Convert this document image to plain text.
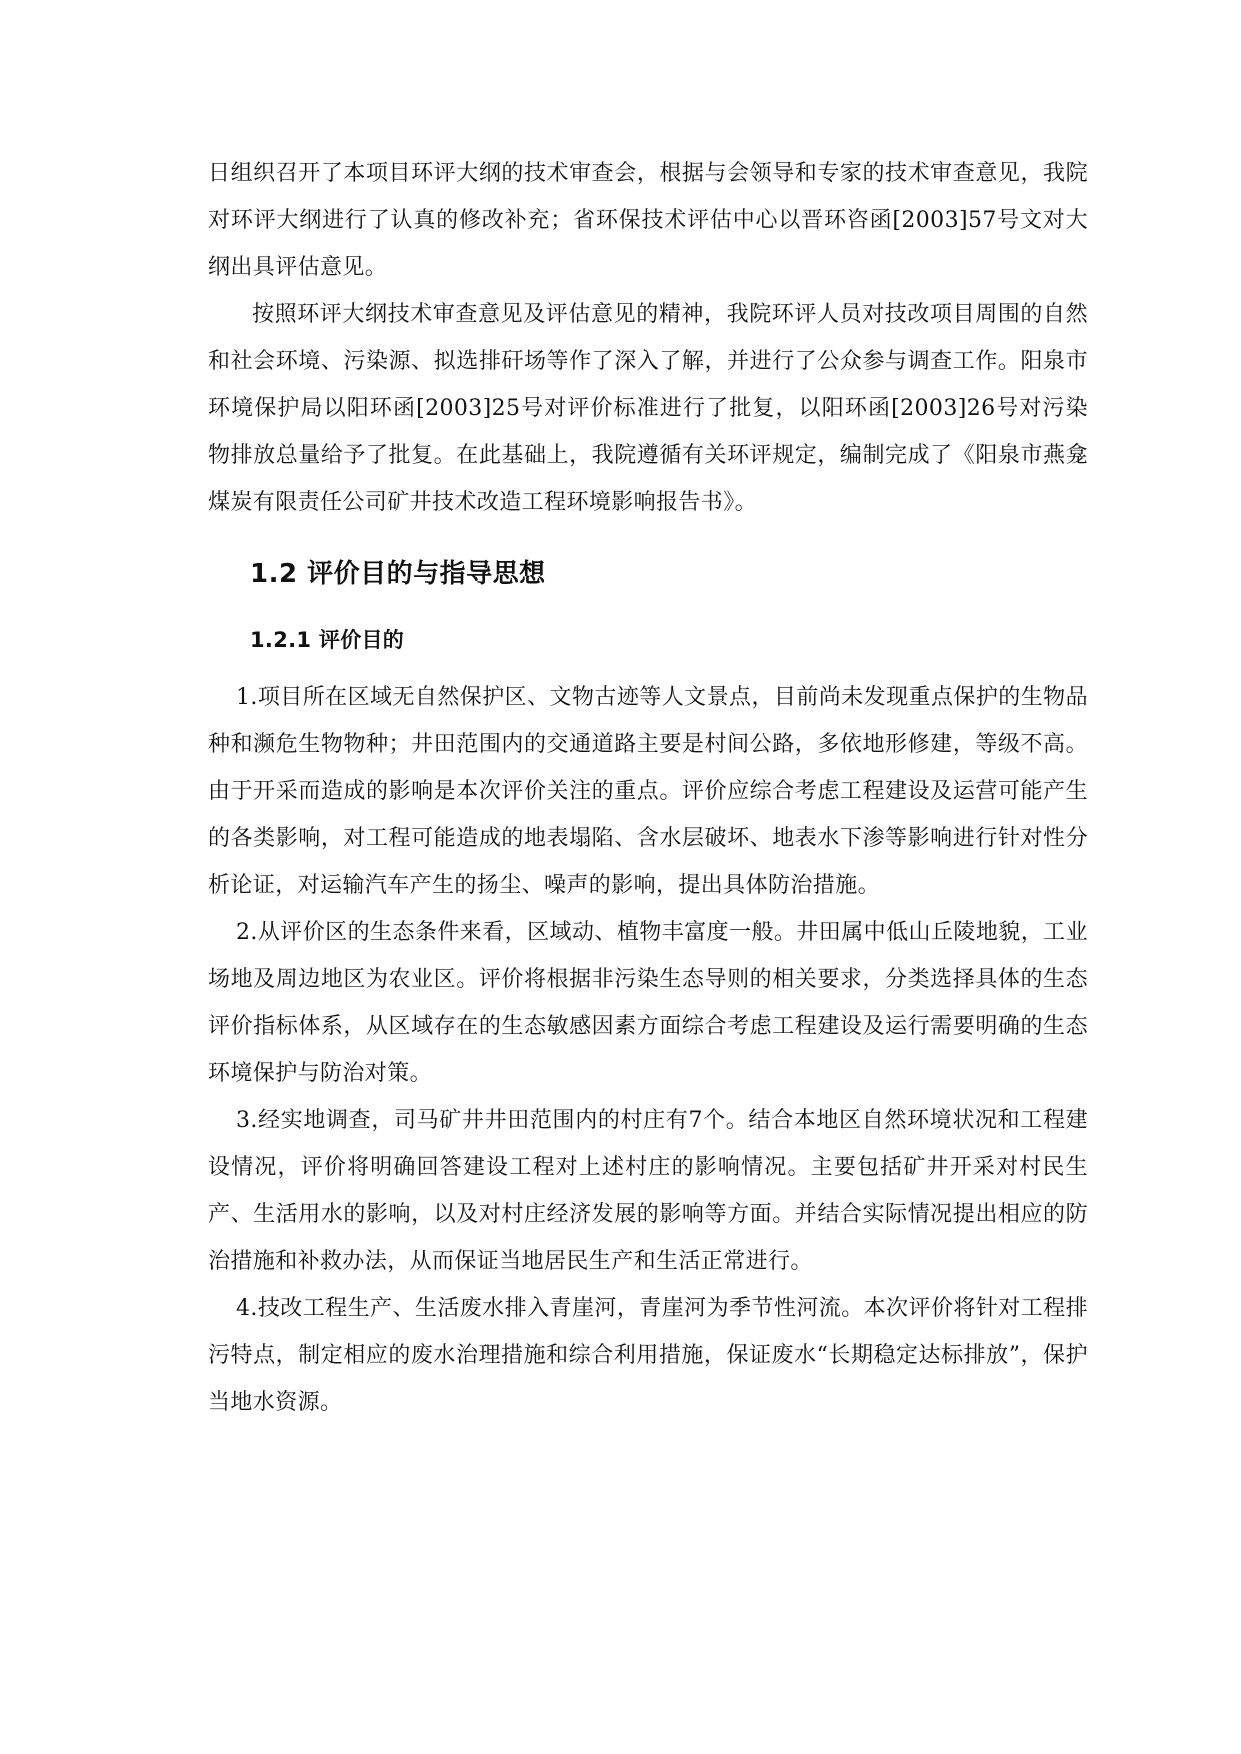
日组织召开了本项目环评大纲的技术审查会，根据与会领导和专家的技术审查意见，我院对环评大纲进行了认真的修改补充；省环保技术评估中心以晋环咨函[2003]57号文对大纲出具评估意见。

按照环评大纲技术审查意见及评估意见的精神，我院环评人员对技改项目周围的自然和社会环境、污染源、拟选排矸场等作了深入了解，并进行了公众参与调查工作。阳泉市环境保护局以阳环函[2003]25号对评价标准进行了批复，以阳环函[2003]26号对污染物排放总量给予了批复。在此基础上，我院遵循有关环评规定，编制完成了《阳泉市燕龛煤炭有限责任公司矿井技术改造工程环境影响报告书》。

1.2 评价目的与指导思想
1.2.1 评价目的

1.项目所在区域无自然保护区、文物古迹等人文景点，目前尚未发现重点保护的生物品种和濒危生物物种；井田范围内的交通道路主要是村间公路，多依地形修建，等级不高。由于开采而造成的影响是本次评价关注的重点。评价应综合考虑工程建设及运营可能产生的各类影响，对工程可能造成的地表塌陷、含水层破坏、地表水下渗等影响进行针对性分析论证，对运输汽车产生的扬尘、噪声的影响，提出具体防治措施。

2.从评价区的生态条件来看，区域动、植物丰富度一般。井田属中低山丘陵地貌，工业场地及周边地区为农业区。评价将根据非污染生态导则的相关要求，分类选择具体的生态评价指标体系，从区域存在的生态敏感因素方面综合考虑工程建设及运行需要明确的生态环境保护与防治对策。

3.经实地调查，司马矿井井田范围内的村庄有7个。结合本地区自然环境状况和工程建设情况，评价将明确回答建设工程对上述村庄的影响情况。主要包括矿井开采对村民生产、生活用水的影响，以及对村庄经济发展的影响等方面。并结合实际情况提出相应的防治措施和补救办法，从而保证当地居民生产和生活正常进行。

4.技改工程生产、生活废水排入青崖河，青崖河为季节性河流。本次评价将针对工程排污特点，制定相应的废水治理措施和综合利用措施，保证废水“长期稳定达标排放”，保护当地水资源。
